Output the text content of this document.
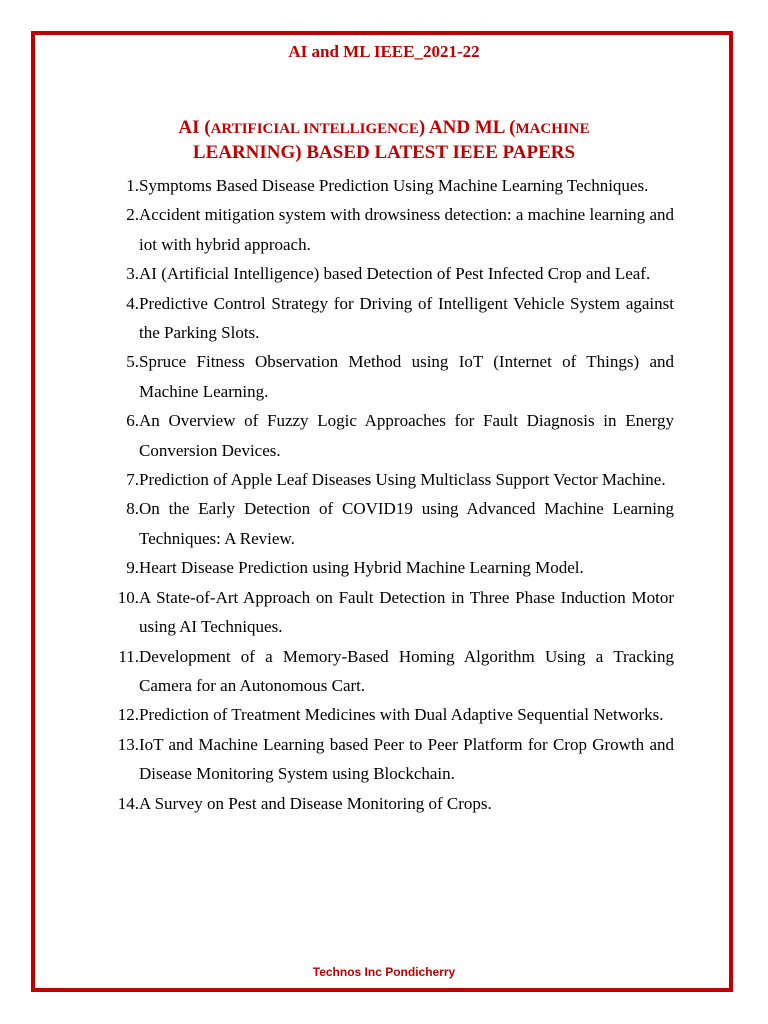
AI and ML IEEE_2021-22
AI (ARTIFICIAL INTELLIGENCE) AND ML (MACHINE
LEARNING) BASED LATEST IEEE PAPERS
1. Symptoms Based Disease Prediction Using Machine Learning Techniques.
2. Accident mitigation system with drowsiness detection: a machine learning and iot with hybrid approach.
3. AI (Artificial Intelligence) based Detection of Pest Infected Crop and Leaf.
4. Predictive Control Strategy for Driving of Intelligent Vehicle System against the Parking Slots.
5. Spruce Fitness Observation Method using IoT (Internet of Things) and Machine Learning.
6. An Overview of Fuzzy Logic Approaches for Fault Diagnosis in Energy Conversion Devices.
7. Prediction of Apple Leaf Diseases Using Multiclass Support Vector Machine.
8. On the Early Detection of COVID19 using Advanced Machine Learning Techniques: A Review.
9. Heart Disease Prediction using Hybrid Machine Learning Model.
10. A State-of-Art Approach on Fault Detection in Three Phase Induction Motor using AI Techniques.
11. Development of a Memory-Based Homing Algorithm Using a Tracking Camera for an Autonomous Cart.
12. Prediction of Treatment Medicines with Dual Adaptive Sequential Networks.
13. IoT and Machine Learning based Peer to Peer Platform for Crop Growth and Disease Monitoring System using Blockchain.
14. A Survey on Pest and Disease Monitoring of Crops.
Technos Inc Pondicherry
